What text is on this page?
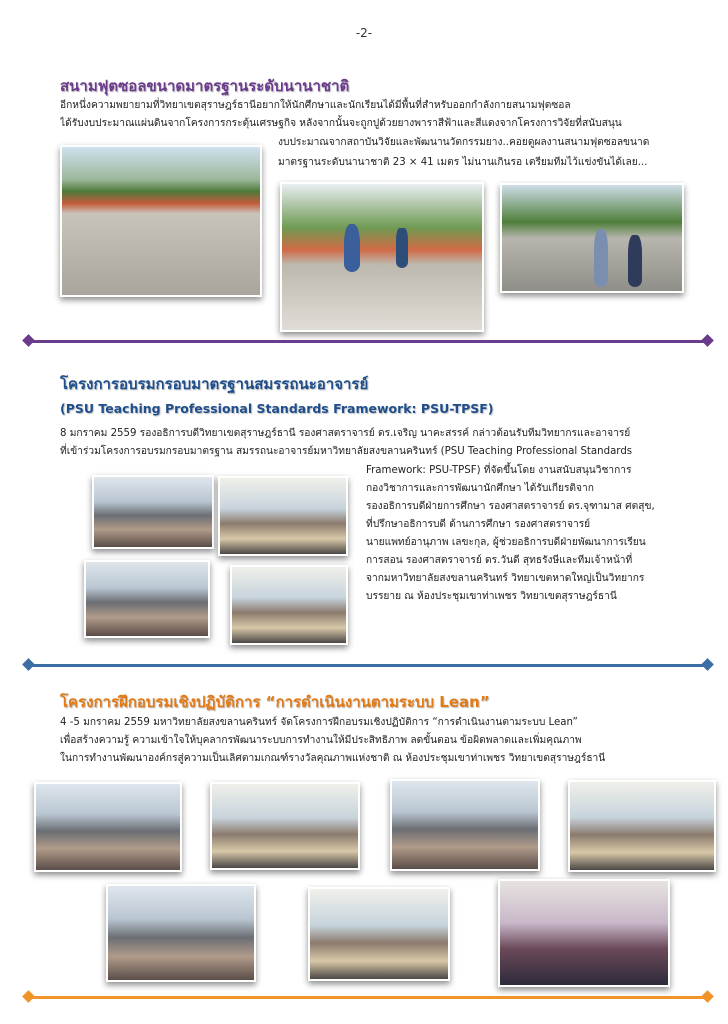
-2-
สนามฟุตซอลขนาดมาตรฐานระดับนานาชาติ
อีกหนึ่งความพยายามที่วิทยาเขตสุราษฎร์ธานีอยากให้นักศึกษาและนักเรียนได้มีพื้นที่สำหรับออกกำลังกายสนามฟุตซอล
ได้รับงบประมาณแผ่นดินจากโครงการกระตุ้นเศรษฐกิจ หลังจากนั้นจะถูกปูด้วยยางพาราสีฟ้าและสีแดงจากโครงการวิจัยที่สนับสนุน
งบประมาณจากสถาบันวิจัยและพัฒนานวัตกรรมยาง..คอยดูผลงานสนามฟุตซอลขนาด
มาตรฐานระดับนานาชาติ 23 × 41 เมตร ไม่นานเกินรอ เตรียมทีมไว้แข่งขันได้เลย...
โครงการอบรมกรอบมาตรฐานสมรรถนะอาจารย์
(PSU Teaching Professional Standards Framework: PSU-TPSF)
8 มกราคม 2559 รองอธิการบดีวิทยาเขตสุราษฎร์ธานี รองศาสตราจารย์ ดร.เจริญ นาคะสรรค์ กล่าวต้อนรับทีมวิทยากรและอาจารย์
ที่เข้าร่วมโครงการอบรมกรอบมาตรฐาน สมรรถนะอาจารย์มหาวิทยาลัยสงขลานครินทร์ (PSU Teaching Professional Standards
Framework: PSU-TPSF) ที่จัดขึ้นโดย งานสนับสนุนวิชาการ
กองวิชาการและการพัฒนานักศึกษา ได้รับเกียรติจาก
รองอธิการบดีฝ่ายการศึกษา รองศาสตราจารย์ ดร.จุฑามาส ศตสุข,
ที่ปรึกษาอธิการบดี ด้านการศึกษา รองศาสตราจารย์
นายแพทย์อานุภาพ เลขะกุล, ผู้ช่วยอธิการบดีฝ่ายพัฒนาการเรียน
การสอน รองศาสตราจารย์ ดร.วันดี สุทธรังษีและทีมเจ้าหน้าที่
จากมหาวิทยาลัยสงขลานครินทร์ วิทยาเขตหาดใหญ่เป็นวิทยากร
บรรยาย ณ ห้องประชุมเขาท่าเพชร วิทยาเขตสุราษฎร์ธานี
โครงการฝึกอบรมเชิงปฏิบัติการ “การดำเนินงานตามระบบ Lean”
4 -5 มกราคม 2559 มหาวิทยาลัยสงขลานครินทร์ จัดโครงการฝึกอบรมเชิงปฏิบัติการ “การดำเนินงานตามระบบ Lean”
เพื่อสร้างความรู้ ความเข้าใจให้บุคลากรพัฒนาระบบการทำงานให้มีประสิทธิภาพ ลดขั้นตอน ข้อผิดพลาดและเพิ่มคุณภาพ
ในการทำงานพัฒนาองค์กรสู่ความเป็นเลิศตามเกณฑ์รางวัลคุณภาพแห่งชาติ ณ ห้องประชุมเขาท่าเพชร วิทยาเขตสุราษฎร์ธานี
